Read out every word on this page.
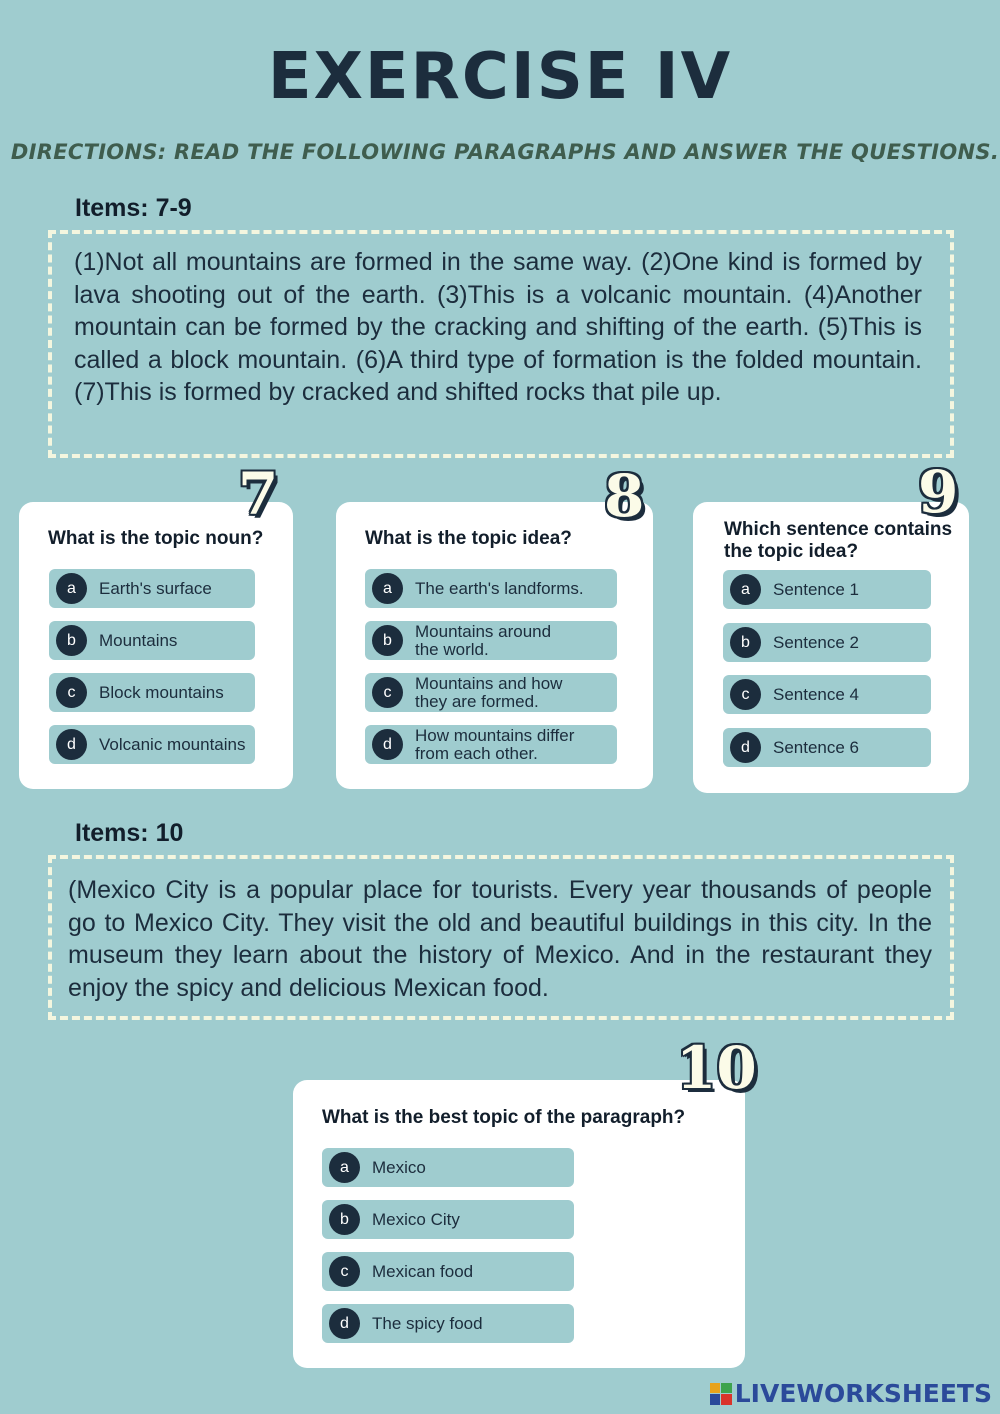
EXERCISE IV
DIRECTIONS: READ THE FOLLOWING PARAGRAPHS AND ANSWER THE QUESTIONS.
Items: 7-9
(1)Not all mountains are formed in the same way. (2)One kind is formed by lava shooting out of the earth. (3)This is a volcanic mountain. (4)Another mountain can be formed by the cracking and shifting of the earth. (5)This is called a block mountain. (6)A third type of formation is the folded mountain. (7)This is formed by cracked and shifted rocks that pile up.
What is the topic noun?
a	Earth's surface
b	Mountains
c	Block mountains
d	Volcanic mountains
7
What is the topic idea?
a	The earth's landforms.
b	Mountains around the world.
c	Mountains and how they are formed.
d	How mountains differ from each other.
8	Which sentence contains the topic idea?
a	Sentence 1
b	Sentence 2
c	Sentence 4
d	Sentence 6
9
Items: 10
(Mexico City is a popular place for tourists. Every year thousands of people go to Mexico City. They visit the old and beautiful buildings in this city. In the museum they learn about the history of Mexico. And in the restaurant they enjoy the spicy and delicious Mexican food.
What is the best topic of the paragraph?
a	Mexico
b	Mexico City
c	Mexican food
d	The spicy food
10
LIVEWORKSHEETS
